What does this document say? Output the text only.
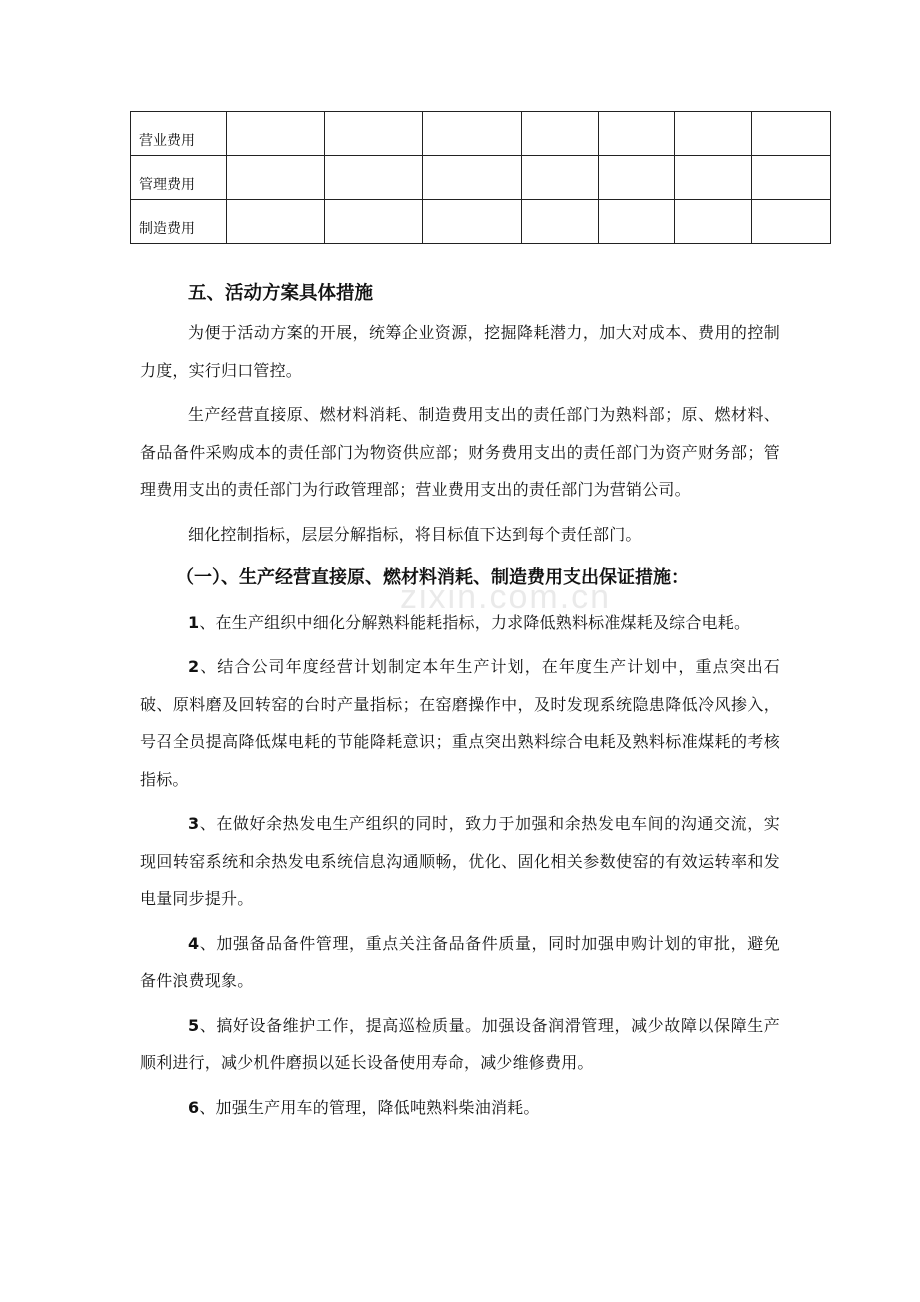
营业费用							
管理费用							
制造费用							
zixin.com.cn
五、活动方案具体措施

为便于活动方案的开展，统筹企业资源，挖掘降耗潜力，加大对成本、费用的控制力度，实行归口管控。

生产经营直接原、燃材料消耗、制造费用支出的责任部门为熟料部；原、燃材料、备品备件采购成本的责任部门为物资供应部；财务费用支出的责任部门为资产财务部；管理费用支出的责任部门为行政管理部；营业费用支出的责任部门为营销公司。

细化控制指标，层层分解指标，将目标值下达到每个责任部门。

（一）、生产经营直接原、燃材料消耗、制造费用支出保证措施：

1、在生产组织中细化分解熟料能耗指标，力求降低熟料标准煤耗及综合电耗。

2、结合公司年度经营计划制定本年生产计划，在年度生产计划中，重点突出石破、原料磨及回转窑的台时产量指标；在窑磨操作中，及时发现系统隐患降低冷风掺入，号召全员提高降低煤电耗的节能降耗意识；重点突出熟料综合电耗及熟料标准煤耗的考核指标。

3、在做好余热发电生产组织的同时，致力于加强和余热发电车间的沟通交流，实现回转窑系统和余热发电系统信息沟通顺畅，优化、固化相关参数使窑的有效运转率和发电量同步提升。

4、加强备品备件管理，重点关注备品备件质量，同时加强申购计划的审批，避免备件浪费现象。

5、搞好设备维护工作，提高巡检质量。加强设备润滑管理，减少故障以保障生产顺利进行，减少机件磨损以延长设备使用寿命，减少维修费用。

6、加强生产用车的管理，降低吨熟料柴油消耗。
